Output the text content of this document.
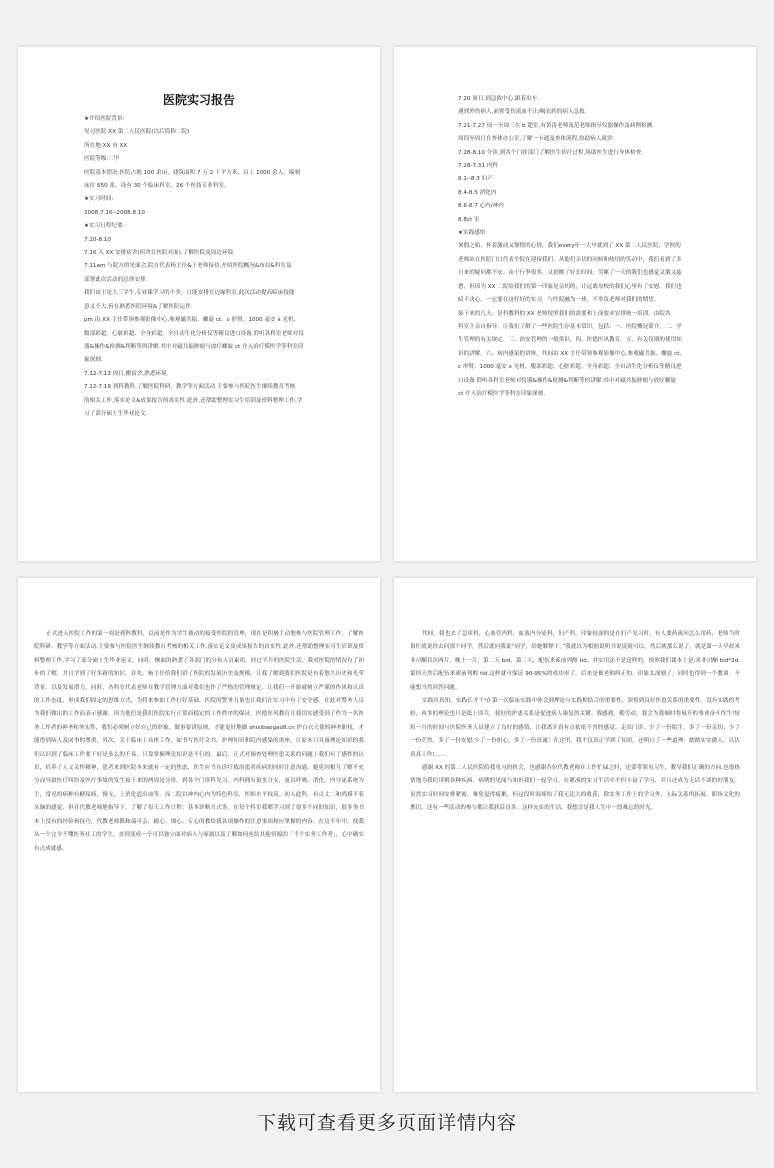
医院实习报告
★介绍医院背景:
见习医院:XX 第二人民医院(以后简称二院)
所在地:XX 市 XX
医院等级:二甲
医院基本情况:医院占地 100 余亩，建筑面积 7 万 2 千平方米，员工 1000 余人，编制
床位 650 张，设有 30 个临床科室，26 个医技专业科室。
★实习时间:
2008.7.10--2008.8.10
★实习日程纪要:
7.10-8.10
7.10 入 XX 安排宿舍(宿舍在医院对面),了解医院及周边环境.
7.11am 与院方的见面会,院方代表杨主任&王老师接待,介绍医院概况&布局&科室及
部署此次活动的总体安排.
我们由于是大三学生,专业课学习的不多，只能安排在边缘科室.此次活动提高临床技能
意义不大,旨在熟悉医院环境&了解医院运作.
pm 由 XX 主任带领参观影像中心,参观磁共振、螺旋 ct、c 形臂、1000 毫安 x 光机、
腹部彩超、心脏彩超、全身彩超、全自动生化分析仪等精良进口设备.聆听各科室老师对仪
器&操作&检测&判断等的讲解.其中对磁共振肿瘤与放疗螺旋 ct 介入治疗模医学等科室印
象深刻.
7.12-7.13 周日,搬宿舍,熟悉环境.
7.12-7.19 到科教科,了解医院科研、教学等方面活动.主要参与医院医生继续教育考核
的相关工作,落实论文&成果报告的真实性.此外,还帮助整理实习生培训及资料整理工作,学
习了部分硕士生毕业论文.
7.20 周日,到急救中心,跟着出车.
遇到外伤病人,前臂受伤流血不止/喝农药的病人急救.
7.21-7.27 周一至周三在 b 超室,有黄涛老师及范老师指导仪器操作及病例检测.
周四至周日在查体办公室,了解一卡通及查体流程,协助病人就诊.
7.28-8.10 分诊,到各个门诊部门了解医生诊疗过程,协助医生进行身体检查。
7.28-7.31 内科
8.1--8.3 妇产
8.4-8.5 消化内
8.6-8.7 心内/神内
8.8ct 室
★实践感悟
暑假之始，怀着激动又憧憬的心情，我们every年一大早就到了 XX 第二人民医院，学校的
老师站在医院门口代表全院在迎接我们，从他们亲切的问候和热切的笑动中，我们看到了多
日来的疑问都不安。由于行李很多，又拾搬了好长时间，劳累了一天的我们也感觉又饿又疲
惫，但因为 XX 二院给我们的第一印象是亲切的，让远离母校的我们心里有了安慰。我们也
暗下决心，一定要在这好好的实习，与医院融为一体，不辜负老师对我们的期望。
接下来的几天，是科教科的 XX 老师按照我们的需要和上岗要求安排统一培训，由院各
科室主亲自指导，让我们了解了一些医院生存基本常识，包括：一、医院概况简介。二、学
生管理的有关规定。三、治安管理的一般常识。四、医德医风教育。五、有关仪器的使用知
识的讲解。六、病内感染的讲座。其间由 XX 主任带领参观影像中心,参观磁共振、螺旋 ct、
c 形臂、1000 毫安 x 光机、腹部彩超、心脏彩超、全身彩超、全自动生化分析仪等精良进
口设备.聆听各科室老师对仪器&操作&检测&判断等的讲解.其中对磁共振肿瘤与放疗螺旋
ct 介入治疗模医学等科室印象深刻.

正式进入医院工作的第一周是到科教科，以前是作为学生被动的接受医院的管理，现在是积极主动地参与医院管理工作，了解医院科研、教学等方面活动.主要参与医院医生继续教育考核的相关工作,落实论文及成果报告的真实性.此外,还帮助整理实习生培训及资料整理工作,学习了部分硕士生毕业论文。同时，侧面的熟悉了各部门的分布人员素质。经过半月的医院生活，我对医院的情况有了初步的了解，并且学到了好多新的知识。首先，杨主任给我们讲了医院的发展历史及规模，让我了解到我们医院是有着悠久历史和光荣背景，以及发展潜力。同时，各科室代表老师在教学管理方面对我们也作了严格的管理规定，让我们一开始就树立严谨的作风和认真的工作态度，形成我们固定的思维方式，为将来参加工作打好基础。医院的警务力量也让我们在实习中有了安全感。在此对警务人员为我们做出的工作而表示感谢，因为他们是我们医院实行正常而稳定的工作秩序的保证。医德医风教育让我切实感受到了作为一名医务工作者的神圣和务实性，我们必须树立好自己的形象，做事要讲原则，才能更好地做 shixibaogao8.cn 护白衣天使的神圣职权，才能得到病人及同事的尊重。其次，关于临床上具体工作，如书写医疗文书，护理知识和院内感染的讲座，让原本只具备理论知识的我们认识到了临床工作要干好是多么的不易，只靠掌握理论知识是不行的。最后，正式对调查处理医患关系的问题上我们有了感性的认识，培养了人文关怀精神，患者来到医院本来就有一定的焦虑，医生应当在诊疗救治患者疾病的同时注意沟通、避免因相互了解不充分而导致医疗纠纷及医疗事故的发生接下来的两周是分诊，到各个门诊科见习。内科拥有很多分支，更以呼吸、消化、内分泌系统为主，常见的病种有糖尿病，慢支，上消化道出血等。而二院以神内心内为特色科室，医师水平较高。初入此科，有点丈二和尚摸不着头脑的感觉，但在代教老师地指导下，了解了每天工作日程：基本诊断方式等。在每个科室我都学习到了很多不同的知识，很多事书本上没有的经验和技巧，代教老师都和蔼可亲，耐心、细心、专心的教给我各项操作的注意事项和应掌握的内容。在这半年中，使我从一个完全不懂医务社工的学生，直到变成一个可以独立面对病人与家属以及了解如何连结其他资源的「半个实务工作者」，心中确实有点成就感。

其间，我也去了急诊科，心血管内科，血液内分泌科，妇产科。印象较深的是在妇产见习时，有人要药流问怎么用药，老师当时很忙就说你去问那个同学，然后就问我说“同学，给她解释下。”我就以为根据说明书说说就可以，然后就那么说了，就是第一天早晨米非司酮首次两片，晚上一片，第二天 bid，第三天，配伍米索前列醇 tid。其实用法不是这样的，按照我们课本上是:米非司酮 bid*3d.第四天然后配伍米索前列醇 tid.这样就可保证 90-95%的成功率了。后来是被老师纠正的，印象太深刻了。同时也得到一个教训：不能想当然回答问题。

实践出真知。实践长才干!在第一次临床实践中体会到理论与实践相结合的重要性，领悟到良好医患关系的重要性。没有实践的考验，再多的理论也只是纸上谈兵。我好的护患关系是促进病人康复的关键。我感到，勤劳动，我会为我倾时将展开的事业奋斗终生!短短一月的时间与医院医务人员建立了良好的感情，让我离开真有点依依不舍的感觉。走出门诊，少了一份陌生，多了一份亲切；少了一份茫然，多了一份安慰;少了一份担心，多了一份真诚！在这里，我不仅真正学到了知识，还明白了一些道理：踏踏实实做人，认认真真工作!……

感谢 XX 的第二人民医院给我见习的机会，也感谢各位代教老师在工作忙碌之时，还要带领见习生，教导我们正确的方向.也很热情地为我们讲解各种疾病、病例的见闻与知识我们一起学习。在紧凑的实习生活中不但丰富了学习，并且还成为无话不谈的好朋友。虽然实习时间安排紧密，难免觉得疲累，但这段时间却给了我无比大的收获，除实务工作上的学习外，人际关系的拓展、职场文化的熏识、还有一些活动的参与都让我获益良多。这样充实的生活，我想会是我人生中一段难忘的时光。

下载可查看更多页面详情内容
